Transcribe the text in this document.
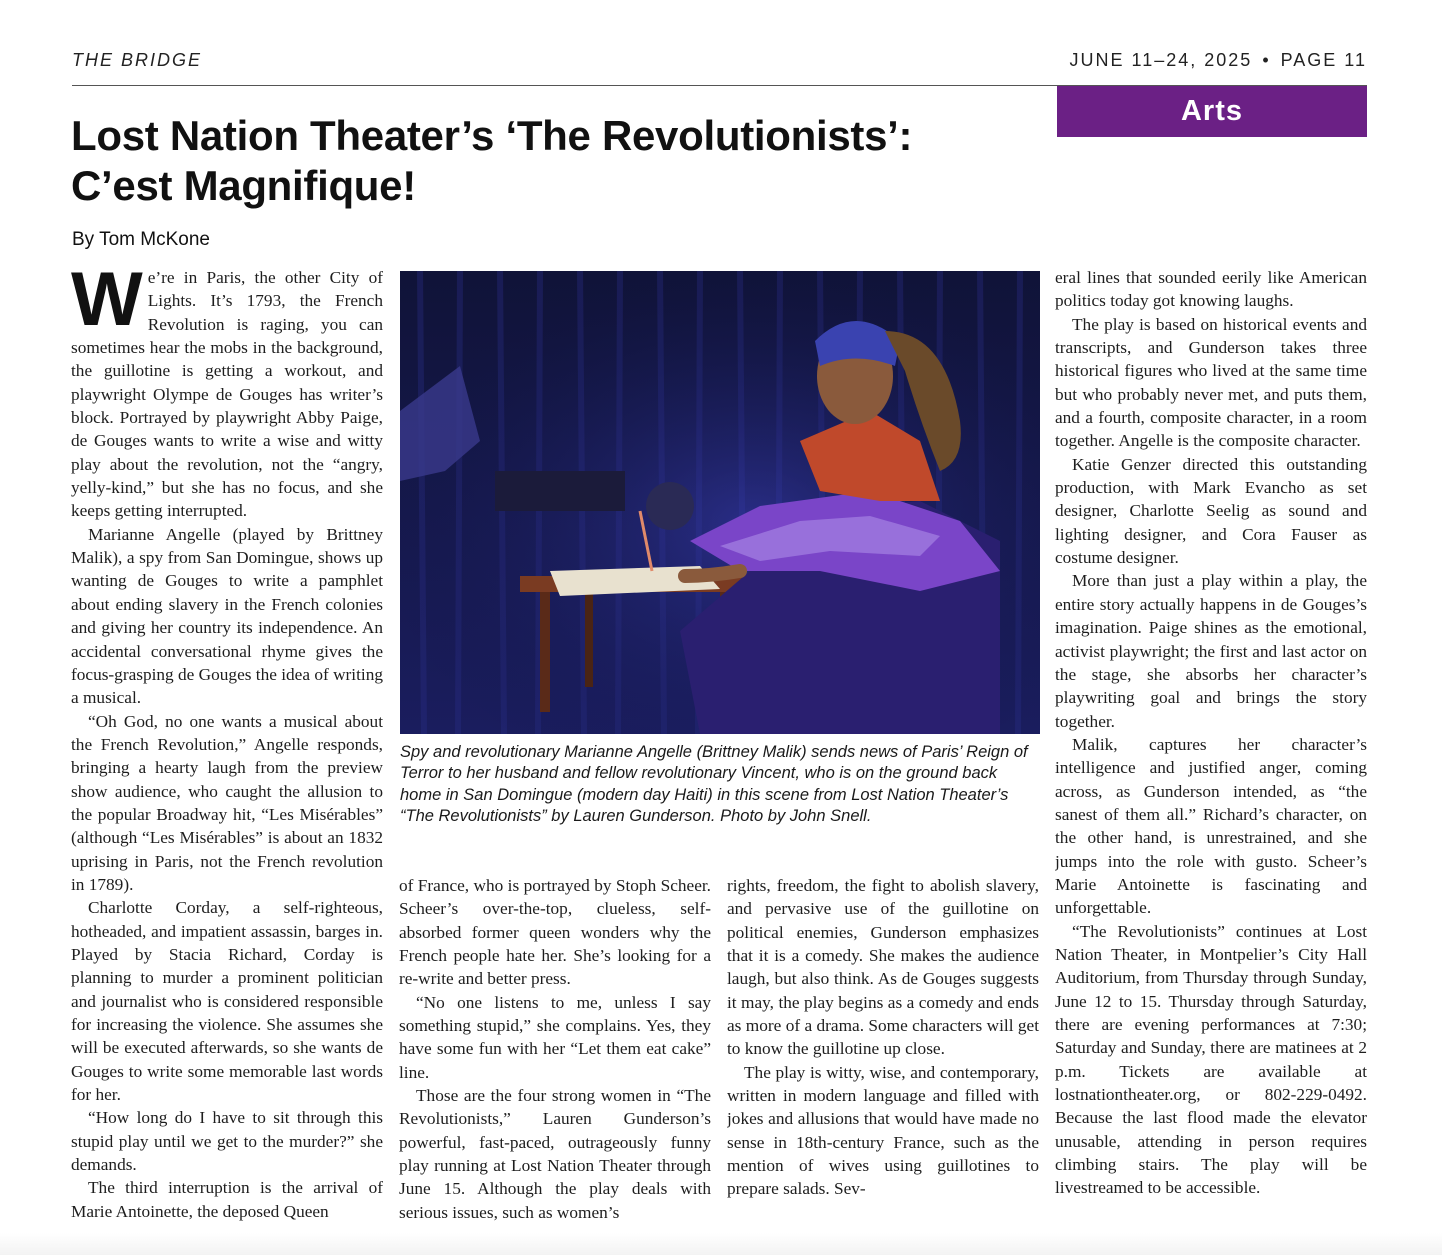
THE BRIDGE	JUNE 11–24, 2025 • PAGE 11
Arts
Lost Nation Theater’s ‘The Revolutionists’:
C’est Magnifique!
By Tom McKone

We’re in Paris, the other City of Lights. It’s 1793, the French Revolution is raging, you can sometimes hear the mobs in the background, the guillotine is getting a workout, and playwright Olympe de Gouges has writer’s block. Portrayed by playwright Abby Paige, de Gouges wants to write a wise and witty play about the revolution, not the “angry, yelly-kind,” but she has no focus, and she keeps getting interrupted.

Marianne Angelle (played by Brittney Malik), a spy from San Domingue, shows up wanting de Gouges to write a pamphlet about ending slavery in the French colonies and giving her country its independence. An accidental conversational rhyme gives the focus-grasping de Gouges the idea of writing a musical.

“Oh God, no one wants a musical about the French Revolution,” Angelle responds, bringing a hearty laugh from the preview show audience, who caught the allusion to the popular Broadway hit, “Les Misérables” (although “Les Misérables” is about an 1832 uprising in Paris, not the French revolution in 1789).

Charlotte Corday, a self-righteous, hotheaded, and impatient assassin, barges in. Played by Stacia Richard, Corday is planning to murder a prominent politician and journalist who is considered responsible for increasing the violence. She assumes she will be executed afterwards, so she wants de Gouges to write some memorable last words for her.

“How long do I have to sit through this stupid play until we get to the murder?” she demands.

The third interruption is the arrival of Marie Antoinette, the deposed Queen

Spy and revolutionary Marianne Angelle (Brittney Malik) sends news of Paris’ Reign of Terror to her husband and fellow revolutionary Vincent, who is on the ground back home in San Domingue (modern day Haiti) in this scene from Lost Nation Theater’s “The Revolutionists” by Lauren Gunderson. Photo by John Snell.

of France, who is portrayed by Stoph Scheer. Scheer’s over-the-top, clueless, self-absorbed former queen wonders why the French people hate her. She’s looking for a re-write and better press.

“No one listens to me, unless I say something stupid,” she complains. Yes, they have some fun with her “Let them eat cake” line.

Those are the four strong women in “The Revolutionists,” Lauren Gunderson’s powerful, fast-paced, outrageously funny play running at Lost Nation Theater through June 15. Although the play deals with serious issues, such as women’s

rights, freedom, the fight to abolish slavery, and pervasive use of the guillotine on political enemies, Gunderson emphasizes that it is a comedy. She makes the audience laugh, but also think. As de Gouges suggests it may, the play begins as a comedy and ends as more of a drama. Some characters will get to know the guillotine up close.

The play is witty, wise, and contemporary, written in modern language and filled with jokes and allusions that would have made no sense in 18th-century France, such as the mention of wives using guillotines to prepare salads. Sev-

eral lines that sounded eerily like American politics today got knowing laughs.

The play is based on historical events and transcripts, and Gunderson takes three historical figures who lived at the same time but who probably never met, and puts them, and a fourth, composite character, in a room together. Angelle is the composite character.

Katie Genzer directed this outstanding production, with Mark Evancho as set designer, Charlotte Seelig as sound and lighting designer, and Cora Fauser as costume designer.

More than just a play within a play, the entire story actually happens in de Gouges’s imagination. Paige shines as the emotional, activist playwright; the first and last actor on the stage, she absorbs her character’s playwriting goal and brings the story together.

Malik, captures her character’s intelligence and justified anger, coming across, as Gunderson intended, as “the sanest of them all.” Richard’s character, on the other hand, is unrestrained, and she jumps into the role with gusto. Scheer’s Marie Antoinette is fascinating and unforgettable.

“The Revolutionists” continues at Lost Nation Theater, in Montpelier’s City Hall Auditorium, from Thursday through Sunday, June 12 to 15. Thursday through Saturday, there are evening performances at 7:30; Saturday and Sunday, there are matinees at 2 p.m. Tickets are available at lostnationtheater.org, or 802-229-0492. Because the last flood made the elevator unusable, attending in person requires climbing stairs. The play will be livestreamed to be accessible.
